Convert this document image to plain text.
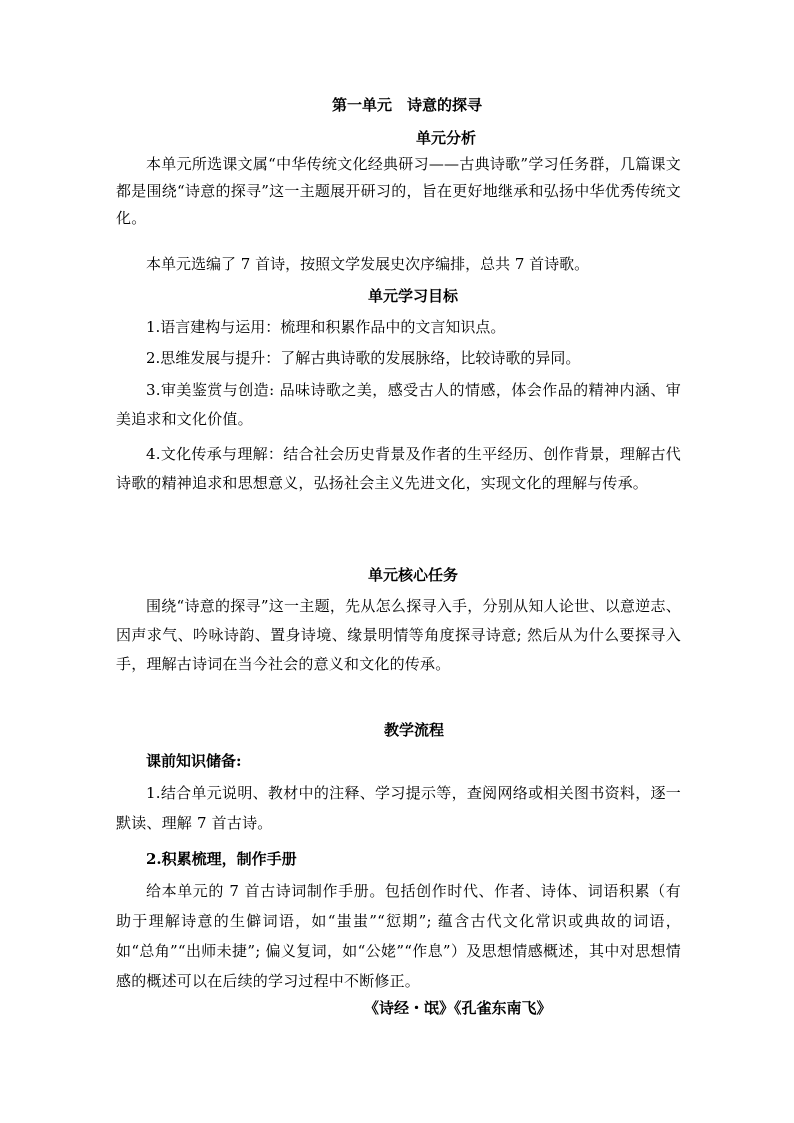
第一单元　诗意的探寻
单元分析

本单元所选课文属“中华传统文化经典研习——古典诗歌”学习任务群，几篇课文都是围绕“诗意的探寻”这一主题展开研习的，旨在更好地继承和弘扬中华优秀传统文化。

本单元选编了 7 首诗，按照文学发展史次序编排，总共 7 首诗歌。

单元学习目标

1.语言建构与运用：梳理和积累作品中的文言知识点。

2.思维发展与提升：了解古典诗歌的发展脉络，比较诗歌的异同。

3.审美鉴赏与创造: 品味诗歌之美，感受古人的情感，体会作品的精神内涵、审美追求和文化价值。

4.文化传承与理解：结合社会历史背景及作者的生平经历、创作背景，理解古代诗歌的精神追求和思想意义，弘扬社会主义先进文化，实现文化的理解与传承。

单元核心任务

围绕“诗意的探寻”这一主题，先从怎么探寻入手，分别从知人论世、以意逆志、因声求气、吟咏诗韵、置身诗境、缘景明情等角度探寻诗意; 然后从为什么要探寻入手，理解古诗词在当今社会的意义和文化的传承。

教学流程
课前知识储备:

1.结合单元说明、教材中的注释、学习提示等，查阅网络或相关图书资料，逐一默读、理解 7 首古诗。

2.积累梳理，制作手册

给本单元的 7 首古诗词制作手册。包括创作时代、作者、诗体、词语积累（有助于理解诗意的生僻词语，如“蚩蚩”“愆期”; 蕴含古代文化常识或典故的词语，如“总角”“出师未捷”; 偏义复词，如“公姥”“作息”）及思想情感概述，其中对思想情感的概述可以在后续的学习过程中不断修正。

《诗经・氓》《孔雀东南飞》
